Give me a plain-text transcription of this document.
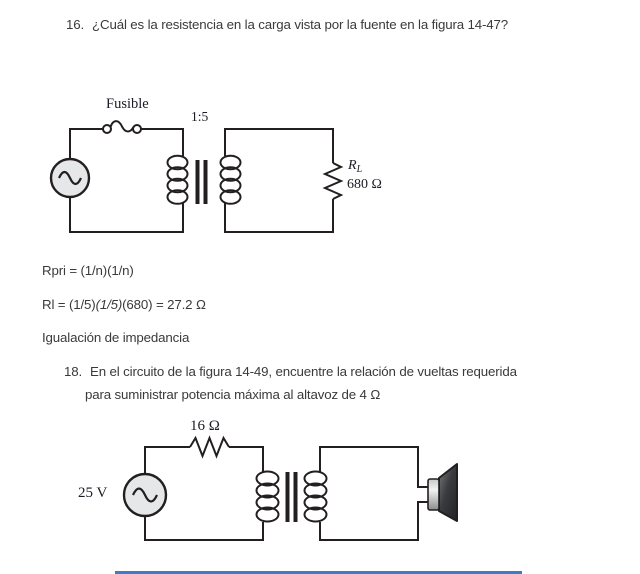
16. ¿Cuál es la resistencia en la carga vista por la fuente en la figura 14-47?
Fusible
1:5
$R_L$
680 Ω
Rpri = (1/n)(1/n)
Rl = (1/5)(1/5)(680) = 27.2 Ω
Igualación de impedancia
18. En el circuito de la figura 14-49, encuentre la relación de vueltas requerida
para suministrar potencia máxima al altavoz de 4 Ω
16 Ω
25 V
